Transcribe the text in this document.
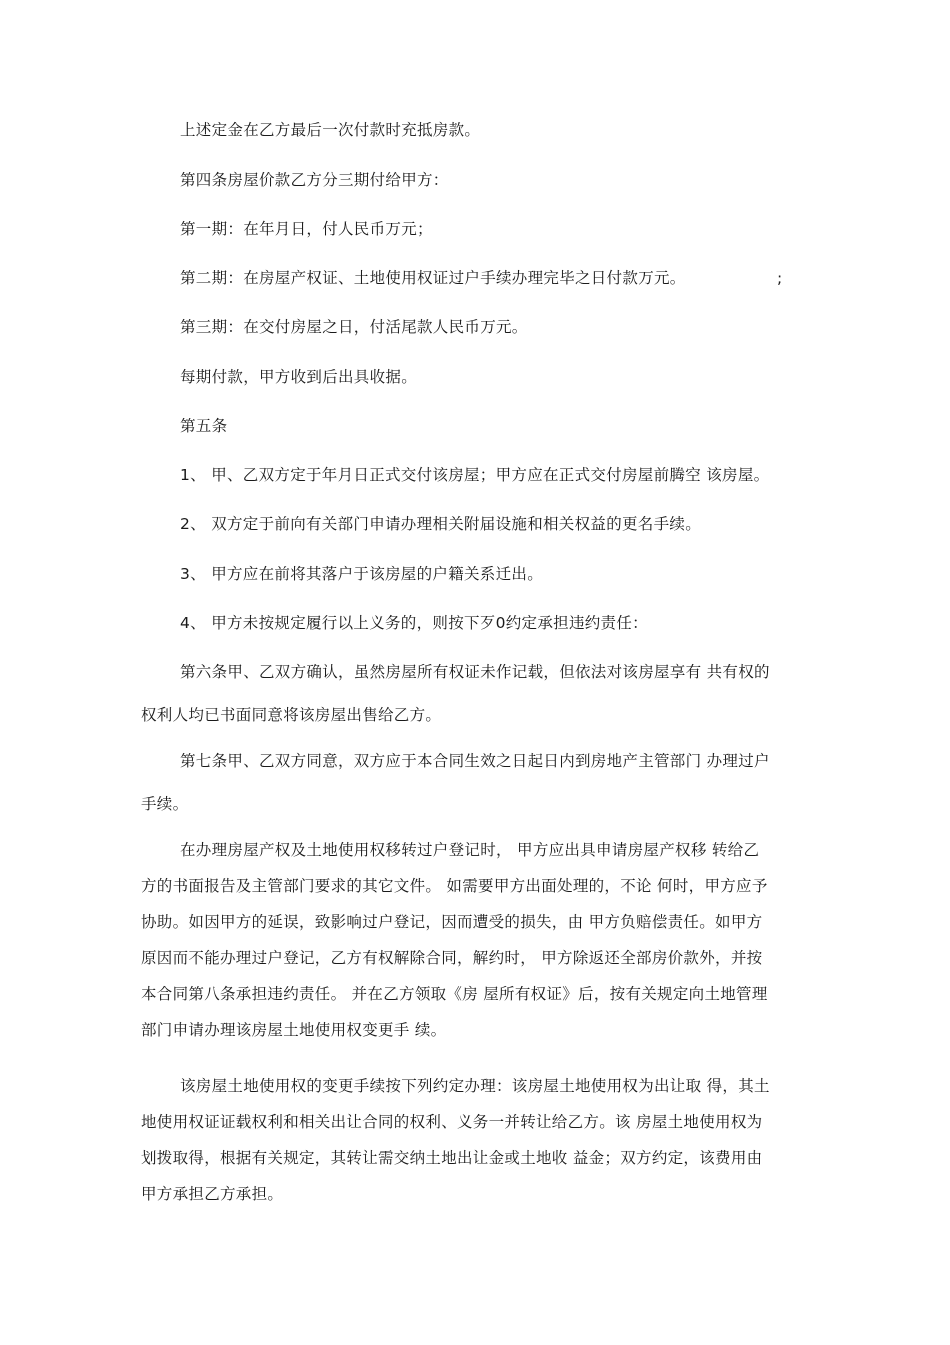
上述定金在乙方最后一次付款时充抵房款。
第四条房屋价款乙方分三期付给甲方：
第一期：在年月日，付人民币万元；
第二期：在房屋产权证、土地使用权证过户手续办理完毕之日付款万元。	;
第三期：在交付房屋之日，付活尾款人民币万元。
每期付款，甲方收到后出具收据。
第五条
1、 甲、乙双方定于年月日正式交付该房屋；甲方应在正式交付房屋前腾空 该房屋。
2、 双方定于前向有关部门申请办理相关附届设施和相关权益的更名手续。
3、 甲方应在前将其落户于该房屋的户籍关系迁出。
4、 甲方未按规定履行以上义务的，则按下歹0约定承担违约责任：
第六条甲、乙双方确认，虽然房屋所有权证未作记载，但依法对该房屋享有 共有权的
权利人均已书面同意将该房屋出售给乙方。
第七条甲、乙双方同意，双方应于本合同生效之日起日内到房地产主管部门 办理过户
手续。
在办理房屋产权及土地使用权移转过户登记时， 甲方应出具申请房屋产权移 转给乙
方的书面报告及主管部门要求的其它文件。 如需要甲方出面处理的，不论 何时，甲方应予
协助。如因甲方的延误，致影响过户登记，因而遭受的损失，由 甲方负赔偿责任。如甲方
原因而不能办理过户登记，乙方有权解除合同，解约时， 甲方除返还全部房价款外，并按
本合同第八条承担违约责任。 并在乙方领取《房 屋所有权证》后，按有关规定向土地管理
部门申请办理该房屋土地使用权变更手 续。
该房屋土地使用权的变更手续按下列约定办理：该房屋土地使用权为出让取 得，其土
地使用权证证载权利和相关出让合同的权利、义务一并转让给乙方。该 房屋土地使用权为
划拨取得，根据有关规定，其转让需交纳土地出让金或土地收 益金；双方约定，该费用由
甲方承担乙方承担。
